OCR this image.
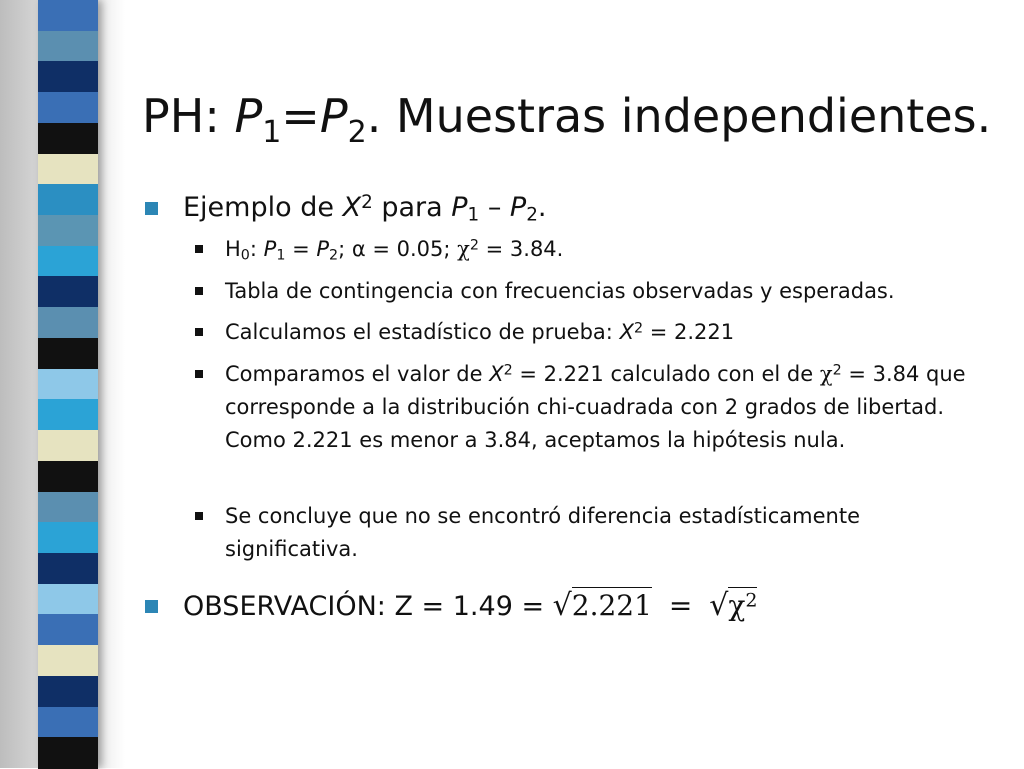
PH: $P_1=P_2$. Muestras independientes.
Ejemplo de $X^2$ para $P_1 - P_2$.
$H_0$: $P_1 = P_2$; α = 0.05; $\chi^2 = 3.84$.
Tabla de contingencia con frecuencias observadas y esperadas.
Calculamos el estadístico de prueba: $X^2 = 2.221$
Comparamos el valor de $X^2 = 2.221$ calculado con el de $\chi^2 = 3.84$ que corresponde a la distribución chi-cuadrada con 2 grados de libertad. Como 2.221 es menor a 3.84, aceptamos la hipótesis nula.
Se concluye que no se encontró diferencia estadísticamente significativa.
OBSERVACIÓN: $Z = 1.49 = √2.221 = √\chi^2$
